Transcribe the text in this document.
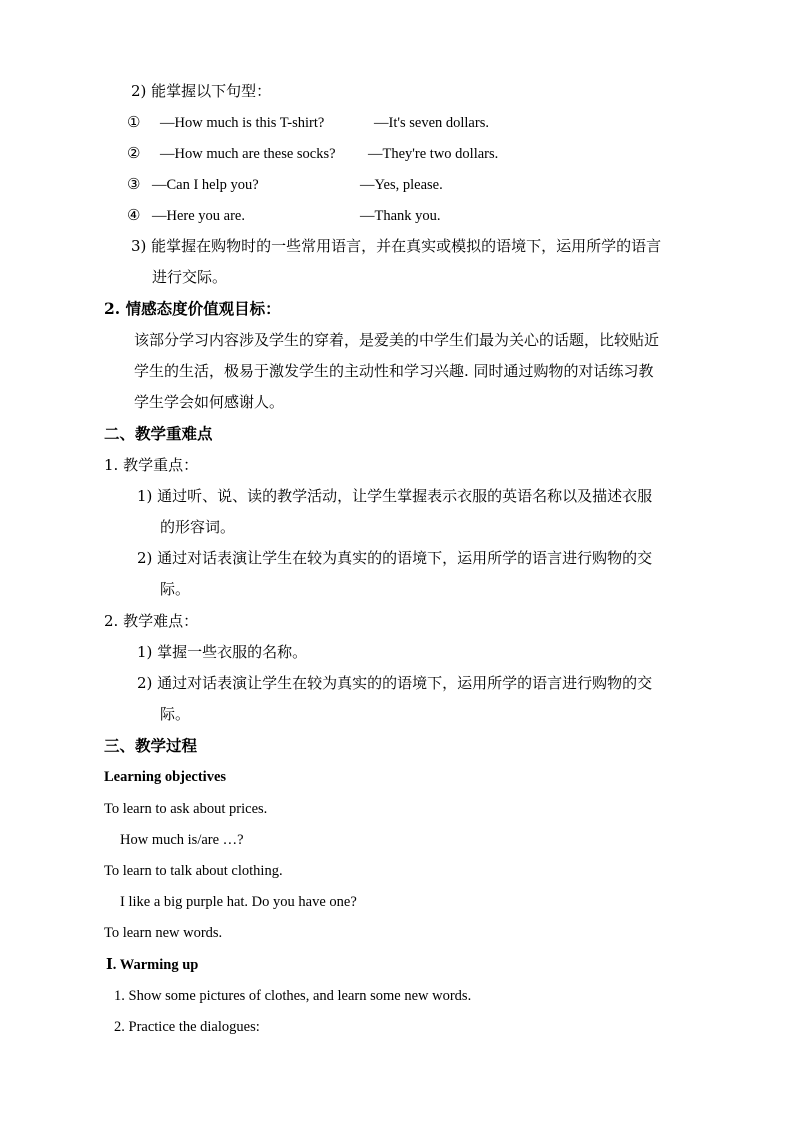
2) 能掌握以下句型：
① —How much is this T-shirt?	—It's seven dollars.
② —How much are these socks? —They're two dollars.
③ —Can I help you?	—Yes, please.
④ —Here you are.	—Thank you.
3) 能掌握在购物时的一些常用语言，并在真实或模拟的语境下，运用所学的语言
进行交际。
2. 情感态度价值观目标：
该部分学习内容涉及学生的穿着，是爱美的中学生们最为关心的话题，比较贴近
学生的生活，极易于激发学生的主动性和学习兴趣. 同时通过购物的对话练习教
学生学会如何感谢人。
二、教学重难点
1. 教学重点：
1) 通过听、说、读的教学活动，让学生掌握表示衣服的英语名称以及描述衣服
的形容词。
2) 通过对话表演让学生在较为真实的的语境下，运用所学的语言进行购物的交
际。
2. 教学难点：
1) 掌握一些衣服的名称。
2) 通过对话表演让学生在较为真实的的语境下，运用所学的语言进行购物的交
际。
三、教学过程
Learning objectives
To learn to ask about prices.
How much is/are …?
To learn to talk about clothing.
I like a big purple hat. Do you have one?
To learn new words.
Ⅰ. Warming up
1. Show some pictures of clothes, and learn some new words.
2. Practice the dialogues:
